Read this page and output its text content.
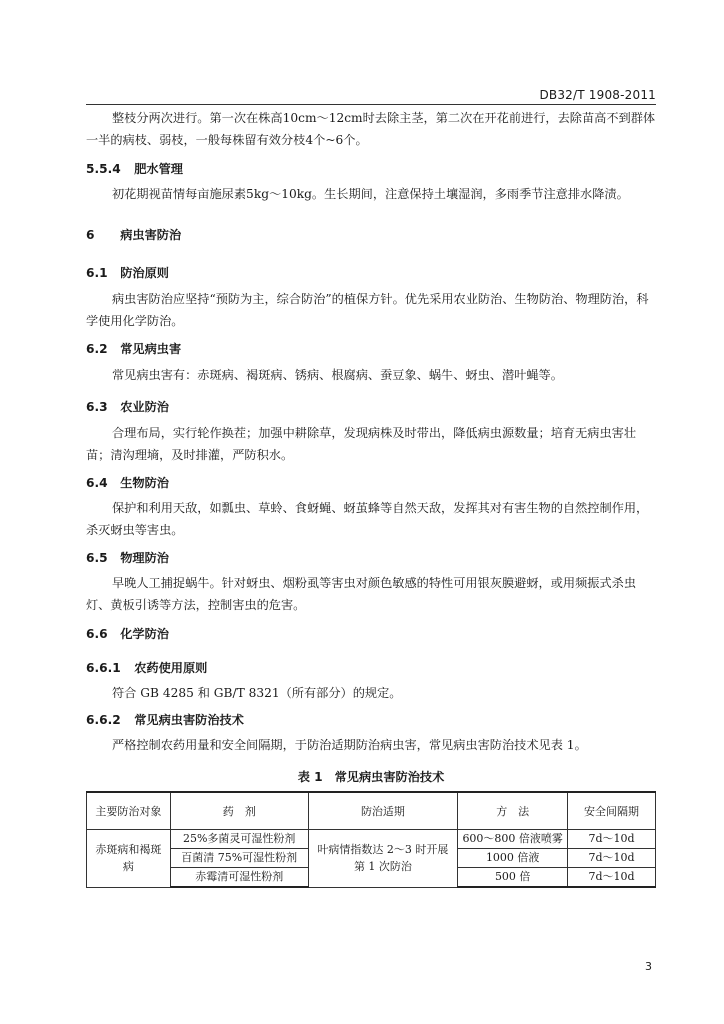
DB32/T 1908-2011
整枝分两次进行。第一次在株高10cm～12cm时去除主茎，第二次在开花前进行，去除苗高不到群体一半的病枝、弱枝，一般每株留有效分枝4个~6个。
5.5.4 肥水管理
初花期视苗情每亩施尿素5kg～10kg。生长期间，注意保持土壤湿润，多雨季节注意排水降渍。
6 病虫害防治
6.1 防治原则
病虫害防治应坚持“预防为主，综合防治”的植保方针。优先采用农业防治、生物防治、物理防治，科学使用化学防治。
6.2 常见病虫害
常见病虫害有：赤斑病、褐斑病、锈病、根腐病、蚕豆象、蜗牛、蚜虫、潜叶蝇等。
6.3 农业防治
合理布局，实行轮作换茬；加强中耕除草，发现病株及时带出，降低病虫源数量；培育无病虫害壮苗；清沟理墒，及时排灌，严防积水。
6.4 生物防治
保护和利用天敌，如瓢虫、草蛉、食蚜蝇、蚜茧蜂等自然天敌，发挥其对有害生物的自然控制作用，杀灭蚜虫等害虫。
6.5 物理防治
早晚人工捕捉蜗牛。针对蚜虫、烟粉虱等害虫对颜色敏感的特性可用银灰膜避蚜，或用频振式杀虫灯、黄板引诱等方法，控制害虫的危害。
6.6 化学防治
6.6.1 农药使用原则
符合 GB 4285 和 GB/T 8321（所有部分）的规定。
6.6.2 常见病虫害防治技术
严格控制农药用量和安全间隔期，于防治适期防治病虫害，常见病虫害防治技术见表 1。
表 1 常见病虫害防治技术
主要防治对象	药　剂	防治适期	方　法	安全间隔期
赤斑病和褐斑病	25%多菌灵可湿性粉剂	叶病情指数达 2～3 时开展第 1 次防治	600～800 倍液喷雾	7d～10d
	百菌清 75%可湿性粉剂		1000 倍液	7d～10d
	赤霉清可湿性粉剂		500 倍	7d～10d
3
